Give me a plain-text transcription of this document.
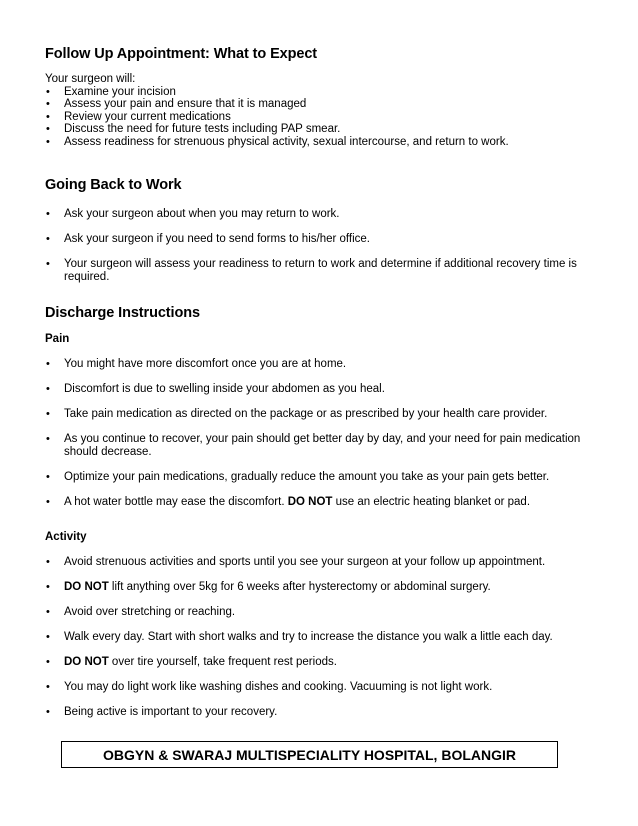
Follow Up Appointment: What to Expect
Your surgeon will:
• Examine your incision
• Assess your pain and ensure that it is managed
• Review your current medications
• Discuss the need for future tests including PAP smear.
• Assess readiness for strenuous physical activity, sexual intercourse, and return to work.
Going Back to Work
• Ask your surgeon about when you may return to work.
• Ask your surgeon if you need to send forms to his/her office.
• Your surgeon will assess your readiness to return to work and determine if additional recovery time is required.
Discharge Instructions
Pain
• You might have more discomfort once you are at home.
• Discomfort is due to swelling inside your abdomen as you heal.
• Take pain medication as directed on the package or as prescribed by your health care provider.
• As you continue to recover, your pain should get better day by day, and your need for pain medication should decrease.
• Optimize your pain medications, gradually reduce the amount you take as your pain gets better.
• A hot water bottle may ease the discomfort. DO NOT use an electric heating blanket or pad.
Activity
• Avoid strenuous activities and sports until you see your surgeon at your follow up appointment.
• DO NOT lift anything over 5kg for 6 weeks after hysterectomy or abdominal surgery.
• Avoid over stretching or reaching.
• Walk every day. Start with short walks and try to increase the distance you walk a little each day.
• DO NOT over tire yourself, take frequent rest periods.
• You may do light work like washing dishes and cooking. Vacuuming is not light work.
• Being active is important to your recovery.
OBGYN & SWARAJ MULTISPECIALITY HOSPITAL, BOLANGIR
